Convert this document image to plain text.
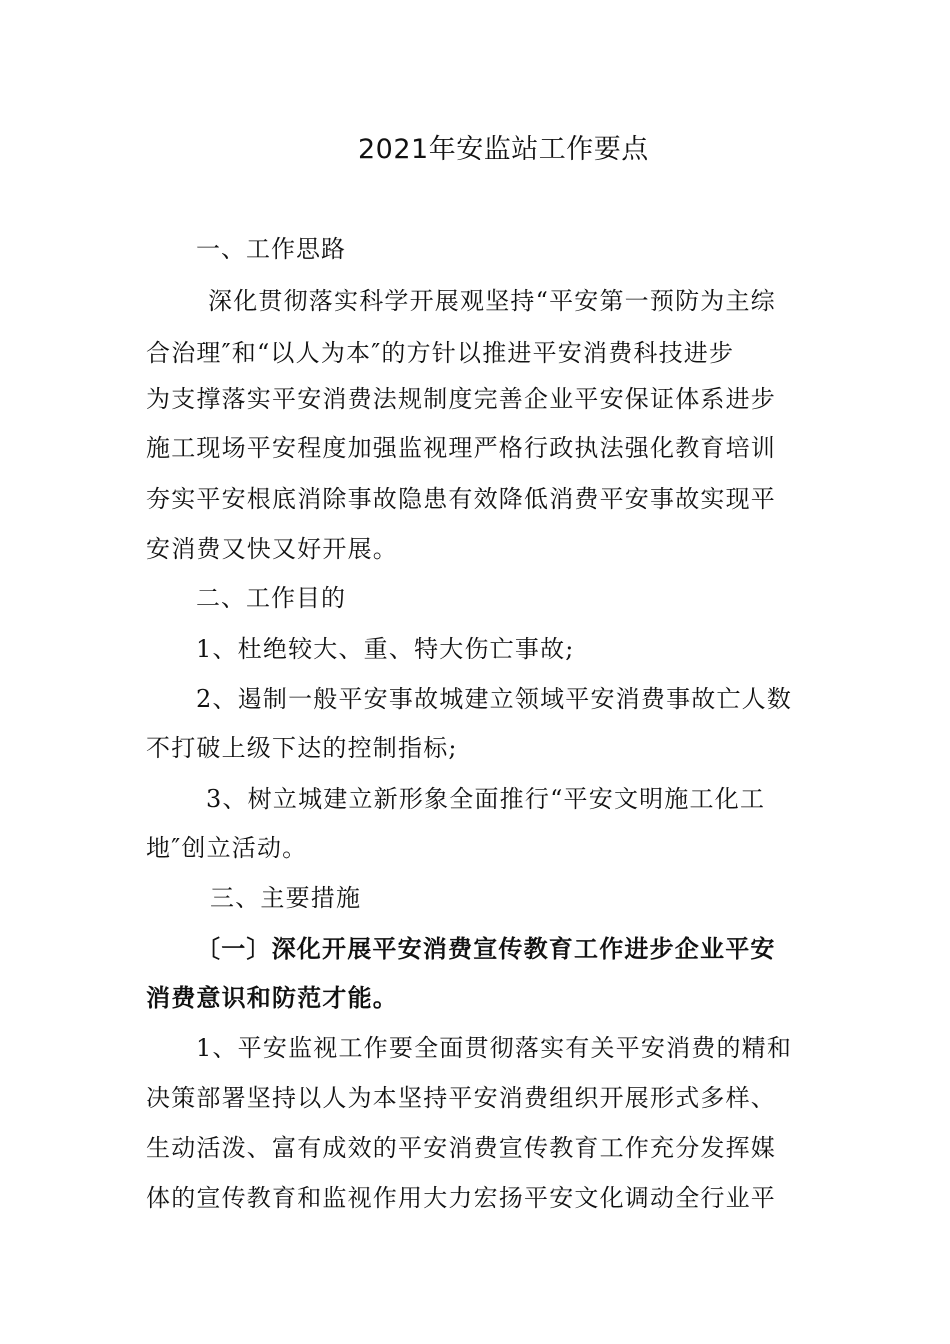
2021年安监站工作要点

一、工作思路

深化贯彻落实科学开展观坚持“平安第一预防为主综

合治理″和“以人为本″的方针以推进平安消费科技进步

为支撑落实平安消费法规制度完善企业平安保证体系进步

施工现场平安程度加强监视理严格行政执法强化教育培训

夯实平安根底消除事故隐患有效降低消费平安事故实现平

安消费又快又好开展。

二、工作目的

1、杜绝较大、重、特大伤亡事故;

2、遏制一般平安事故城建立领域平安消费事故亡人数

不打破上级下达的控制指标;

3、树立城建立新形象全面推行“平安文明施工化工

地″创立活动。

三、主要措施

〔一〕深化开展平安消费宣传教育工作进步企业平安

消费意识和防范才能。

1、平安监视工作要全面贯彻落实有关平安消费的精和

决策部署坚持以人为本坚持平安消费组织开展形式多样、

生动活泼、富有成效的平安消费宣传教育工作充分发挥媒

体的宣传教育和监视作用大力宏扬平安文化调动全行业平
